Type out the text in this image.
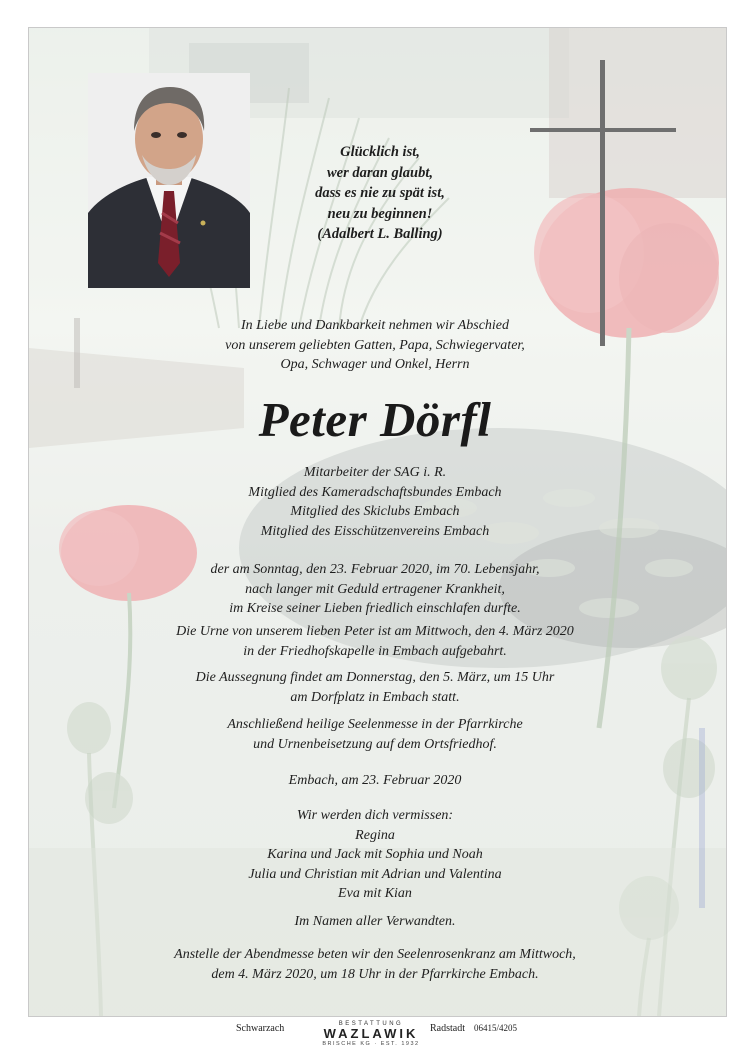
Glücklich ist,
wer daran glaubt,
dass es nie zu spät ist,
neu zu beginnen!
(Adalbert L. Balling)
In Liebe und Dankbarkeit nehmen wir Abschied
von unserem geliebten Gatten, Papa, Schwiegervater,
Opa, Schwager und Onkel, Herrn
Peter Dörfl
Mitarbeiter der SAG i. R.
Mitglied des Kameradschaftsbundes Embach
Mitglied des Skiclubs Embach
Mitglied des Eisschützenvereins Embach
der am Sonntag, den 23. Februar 2020, im 70. Lebensjahr,
nach langer mit Geduld ertragener Krankheit,
im Kreise seiner Lieben friedlich einschlafen durfte.
Die Urne von unserem lieben Peter ist am Mittwoch, den 4. März 2020
in der Friedhofskapelle in Embach aufgebahrt.
Die Aussegnung findet am Donnerstag, den 5. März, um 15 Uhr
am Dorfplatz in Embach statt.
Anschließend heilige Seelenmesse in der Pfarrkirche
und Urnenbeisetzung auf dem Ortsfriedhof.
Embach, am 23. Februar 2020
Wir werden dich vermissen:
Regina
Karina und Jack mit Sophia und Noah
Julia und Christian mit Adrian und Valentina
Eva mit Kian
Im Namen aller Verwandten.
Anstelle der Abendmesse beten wir den Seelenrosenkranz am Mittwoch,
dem 4. März 2020, um 18 Uhr in der Pfarrkirche Embach.
Schwarzach	BESTATTUNG
WAZLAWIK
BRISCHE KG · EST. 1932
Radstadt 06415/4205
